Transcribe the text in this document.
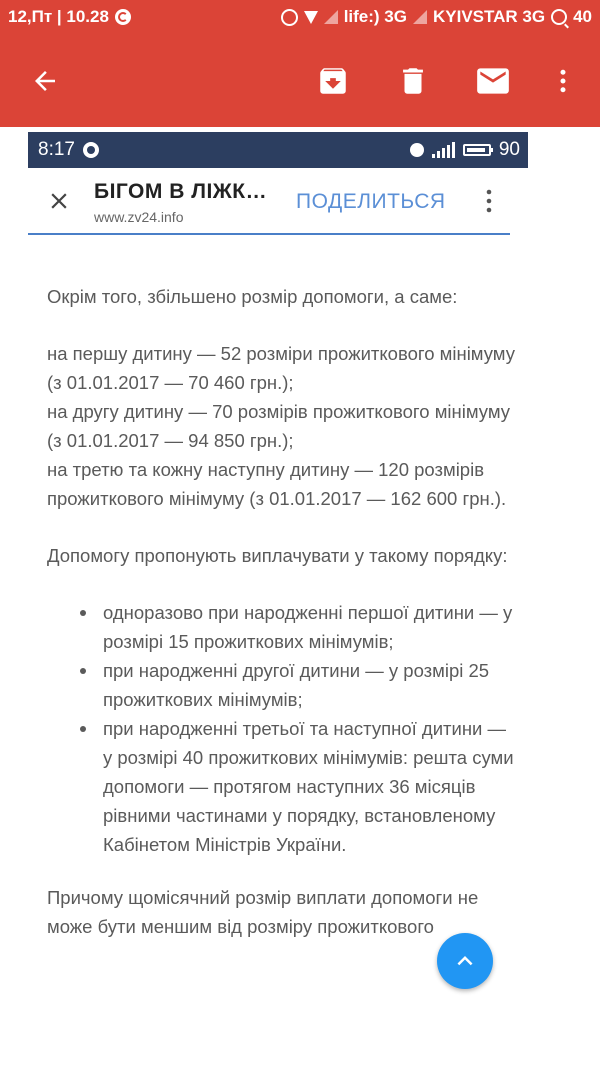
12,Пт | 10.28	life:) 3G KYIVSTAR 3G 40
8:17	90
БІГОМ В ЛІЖК…
www.zv24.info
ПОДЕЛИТЬСЯ

Окрім того, збільшено розмір допомоги, а саме:

на першу дитину — 52 розміри прожиткового мінімуму (з 01.01.2017 — 70 460 грн.);
на другу дитину — 70 розмірів прожиткового мінімуму (з 01.01.2017 — 94 850 грн.);
на третю та кожну наступну дитину — 120 розмірів прожиткового мінімуму (з 01.01.2017 — 162 600 грн.).

Допомогу пропонують виплачувати у такому порядку:

одноразово при народженні першої дитини — у розмірі 15 прожиткових мінімумів;
при народженні другої дитини — у розмірі 25 прожиткових мінімумів;
при народженні третьої та наступної дитини — у розмірі 40 прожиткових мінімумів: решта суми допомоги — протягом наступних 36 місяців рівними частинами у порядку, встановленому Кабінетом Міністрів України.

Причому щомісячний розмір виплати допомоги не може бути меншим від розміру прожиткового
